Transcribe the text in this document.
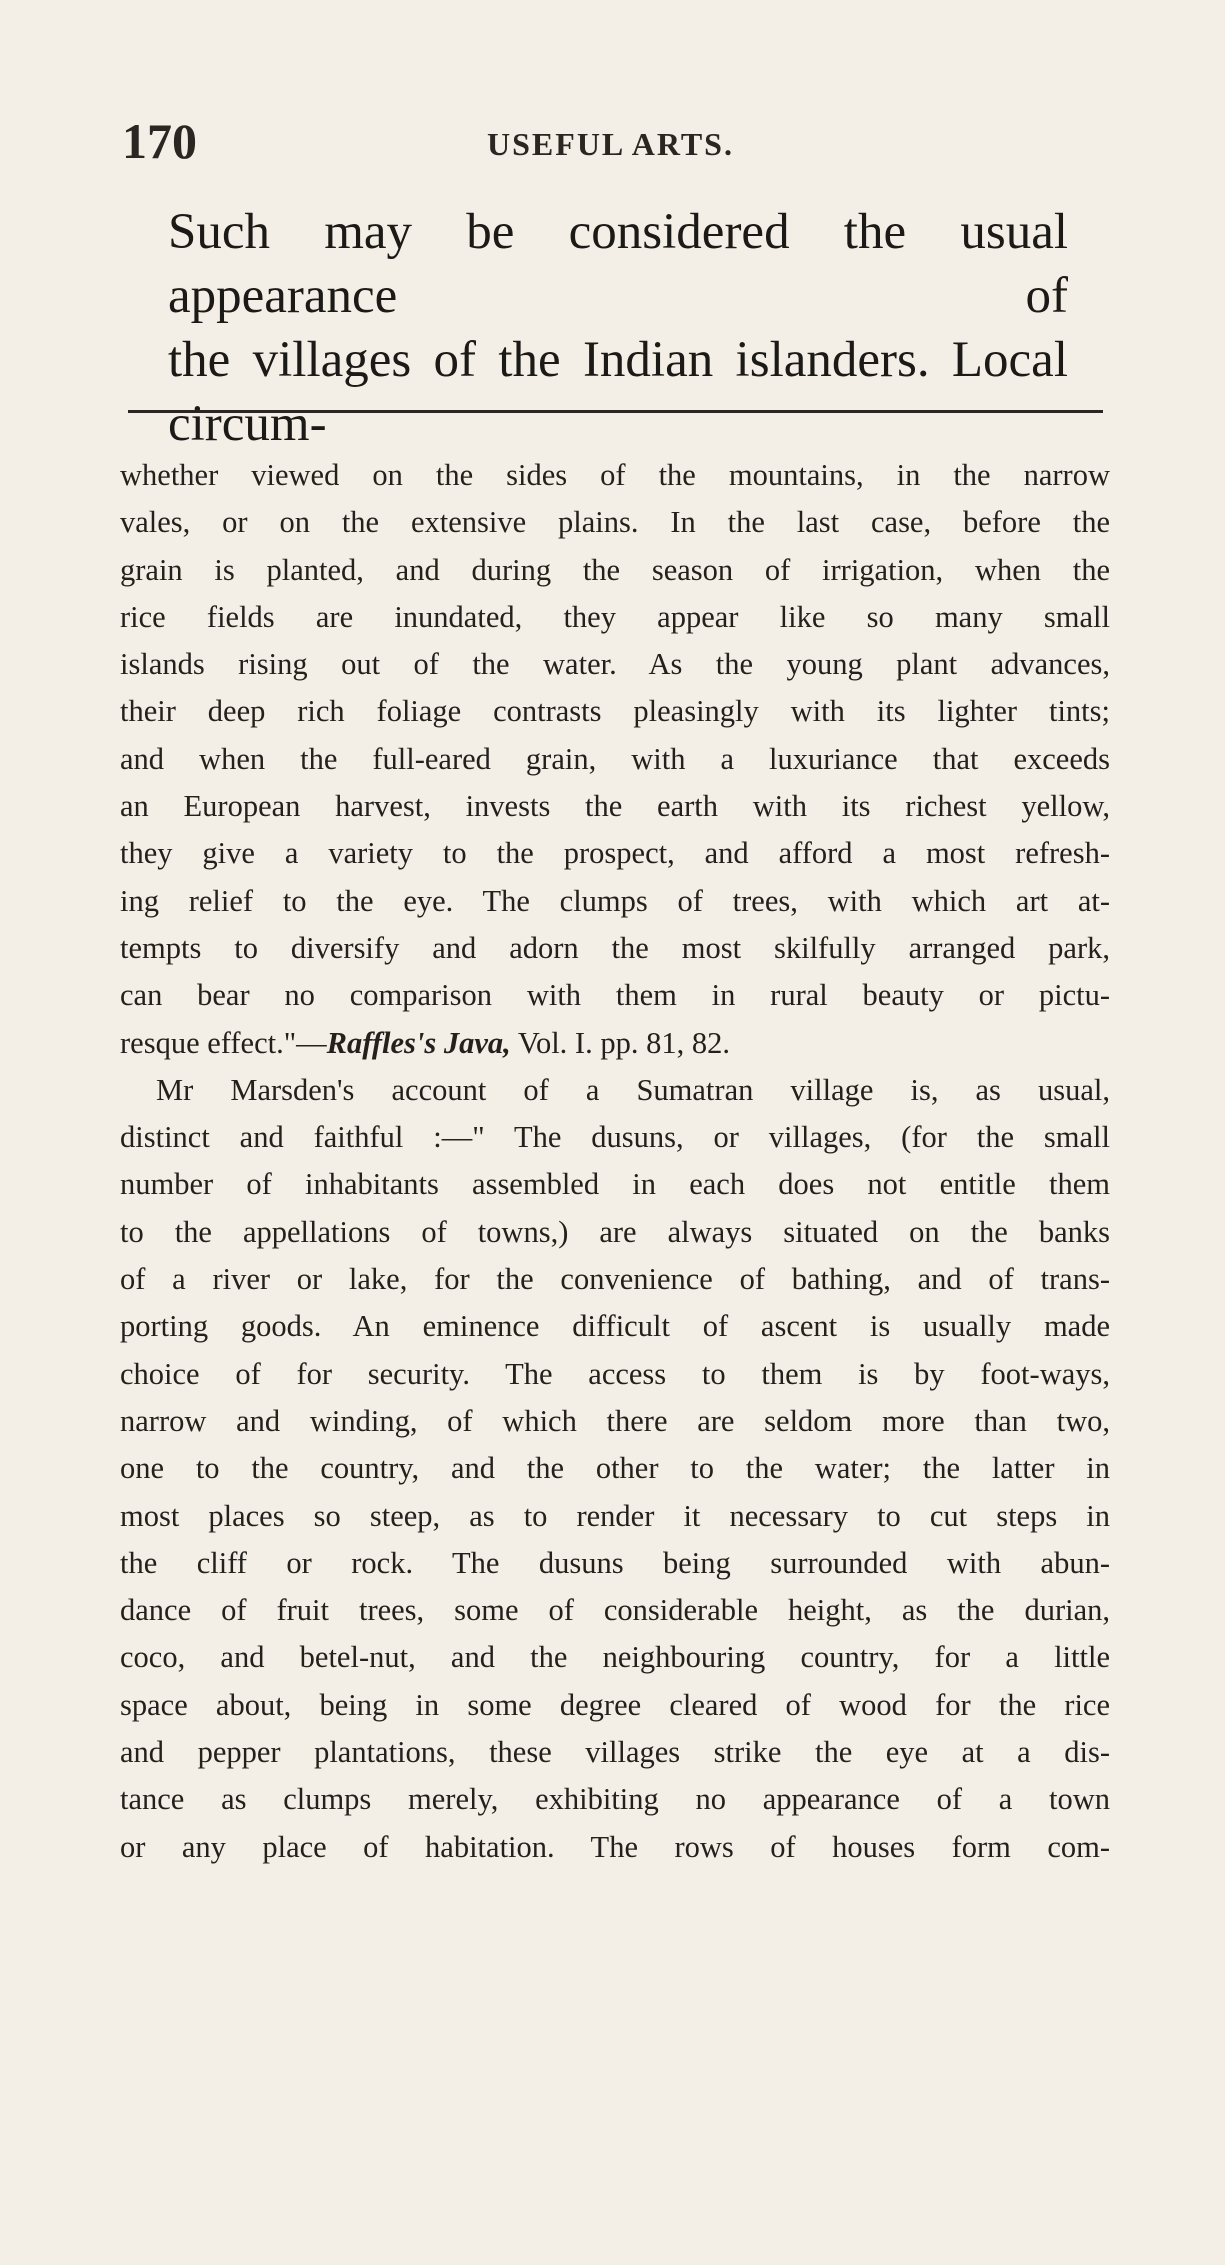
170	USEFUL ARTS.

Such may be considered the usual appearance of

the villages of the Indian islanders. Local circum-

whether viewed on the sides of the mountains, in the narrow
vales, or on the extensive plains. In the last case, before the
grain is planted, and during the season of irrigation, when the
rice fields are inundated, they appear like so many small
islands rising out of the water. As the young plant advances,
their deep rich foliage contrasts pleasingly with its lighter tints;
and when the full-eared grain, with a luxuriance that exceeds
an European harvest, invests the earth with its richest yellow,
they give a variety to the prospect, and afford a most refresh-
ing relief to the eye. The clumps of trees, with which art at-
tempts to diversify and adorn the most skilfully arranged park,
can bear no comparison with them in rural beauty or pictu-
resque effect."—Raffles's Java, Vol. I. pp. 81, 82.

Mr Marsden's account of a Sumatran village is, as usual,
distinct and faithful :—" The dusuns, or villages, (for the small
number of inhabitants assembled in each does not entitle them
to the appellations of towns,) are always situated on the banks
of a river or lake, for the convenience of bathing, and of trans-
porting goods. An eminence difficult of ascent is usually made
choice of for security. The access to them is by foot-ways,
narrow and winding, of which there are seldom more than two,
one to the country, and the other to the water; the latter in
most places so steep, as to render it necessary to cut steps in
the cliff or rock. The dusuns being surrounded with abun-
dance of fruit trees, some of considerable height, as the durian,
coco, and betel-nut, and the neighbouring country, for a little
space about, being in some degree cleared of wood for the rice
and pepper plantations, these villages strike the eye at a dis-
tance as clumps merely, exhibiting no appearance of a town
or any place of habitation. The rows of houses form com-
